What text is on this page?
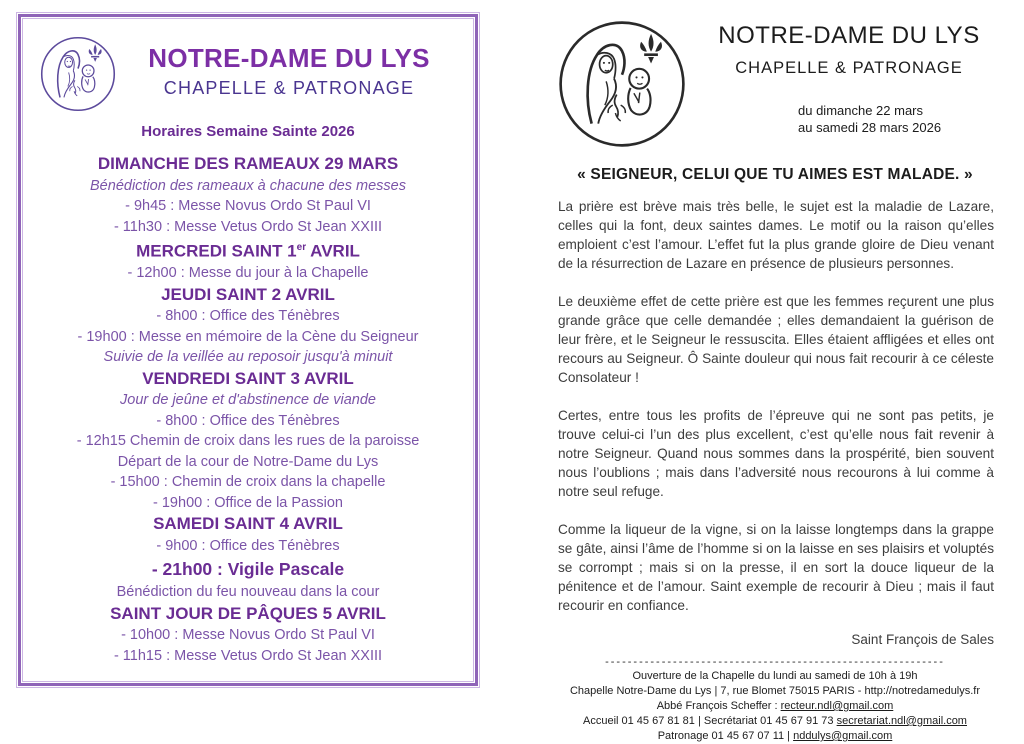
NOTRE-DAME DU LYS
CHAPELLE & PATRONAGE
Horaires Semaine Sainte 2026
DIMANCHE DES RAMEAUX 29 MARS
Bénédiction des rameaux à chacune des messes
- 9h45 : Messe Novus Ordo St Paul VI
- 11h30 : Messe Vetus Ordo St Jean XXIII
MERCREDI SAINT 1er AVRIL
- 12h00 : Messe du jour à la Chapelle
JEUDI SAINT 2 AVRIL
- 8h00 : Office des Ténèbres
- 19h00 : Messe en mémoire de la Cène du Seigneur
Suivie de la veillée au reposoir jusqu'à minuit
VENDREDI SAINT 3 AVRIL
Jour de jeûne et d'abstinence de viande
- 8h00 : Office des Ténèbres
- 12h15 Chemin de croix dans les rues de la paroisse
Départ de la cour de Notre-Dame du Lys
- 15h00 : Chemin de croix dans la chapelle
- 19h00 : Office de la Passion
SAMEDI SAINT 4 AVRIL
- 9h00 : Office des Ténèbres
- 21h00 : Vigile Pascale
Bénédiction du feu nouveau dans la cour
SAINT JOUR DE PÂQUES 5 AVRIL
- 10h00 : Messe Novus Ordo St Paul VI
- 11h15 : Messe Vetus Ordo St Jean XXIII
NOTRE-DAME DU LYS
CHAPELLE & PATRONAGE
du dimanche 22 mars
au samedi 28 mars 2026
« SEIGNEUR, CELUI QUE TU AIMES EST MALADE. »

La prière est brève mais très belle, le sujet est la maladie de Lazare, celles qui la font, deux saintes dames. Le motif ou la raison qu’elles emploient c’est l’amour. L’effet fut la plus grande gloire de Dieu venant de la résurrection de Lazare en présence de plusieurs personnes.

Le deuxième effet de cette prière est que les femmes reçurent une plus grande grâce que celle demandée ; elles demandaient la guérison de leur frère, et le Seigneur le ressuscita. Elles étaient affligées et elles ont recours au Seigneur. Ô Sainte douleur qui nous fait recourir à ce céleste Consolateur !

Certes, entre tous les profits de l’épreuve qui ne sont pas petits, je trouve celui-ci l’un des plus excellent, c’est qu’elle nous fait revenir à notre Seigneur. Quand nous sommes dans la prospérité, bien souvent nous l’oublions ; mais dans l’adversité nous recourons à lui comme à notre seul refuge.

Comme la liqueur de la vigne, si on la laisse longtemps dans la grappe se gâte, ainsi l’âme de l’homme si on la laisse en ses plaisirs et voluptés se corrompt ; mais si on la presse, il en sort la douce liqueur de la pénitence et de l’amour. Saint exemple de recourir à Dieu ; mais il faut recourir en confiance.

Saint François de Sales
------------------------------------------------------------
Ouverture de la Chapelle du lundi au samedi de 10h à 19h
Chapelle Notre-Dame du Lys | 7, rue Blomet 75015 PARIS - http://notredamedulys.fr
Abbé François Scheffer : recteur.ndl@gmail.com
Accueil 01 45 67 81 81 | Secrétariat 01 45 67 91 73 secretariat.ndl@gmail.com
Patronage 01 45 67 07 11 | nddulys@gmail.com
